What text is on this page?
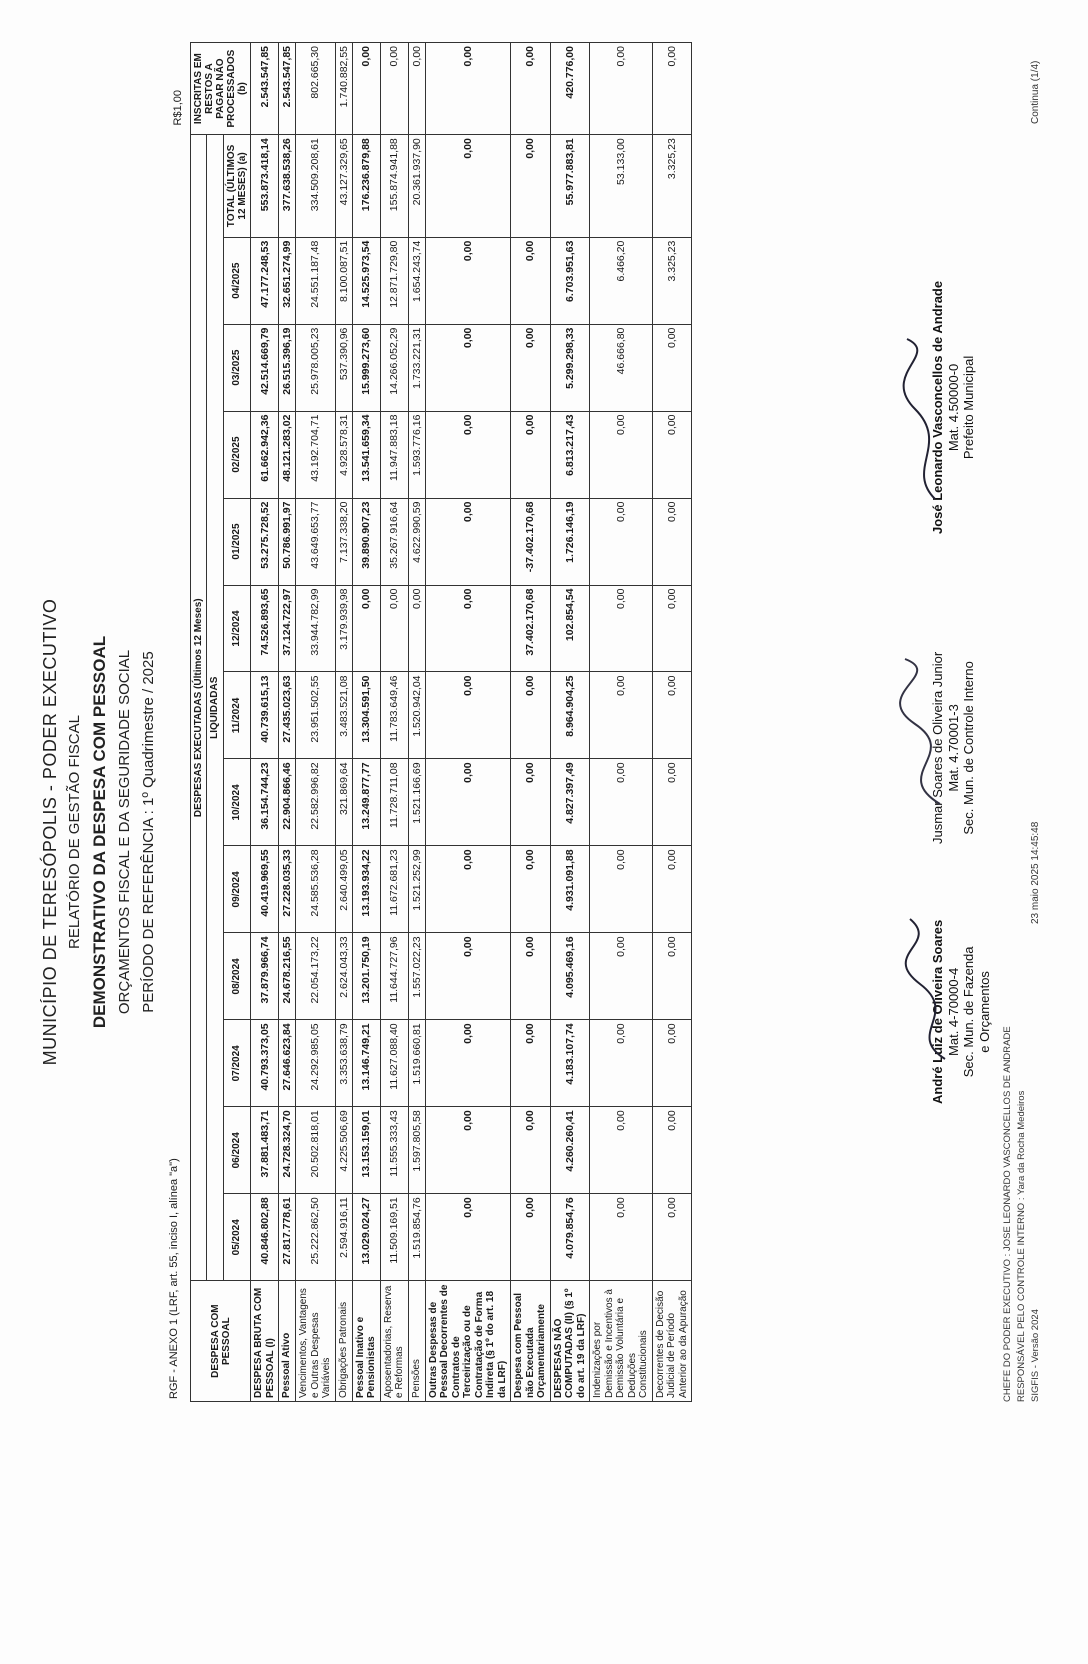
MUNICÍPIO DE TERESÓPOLIS - PODER EXECUTIVO RELATÓRIO DE GESTÃO FISCAL DEMONSTRATIVO DA DESPESA COM PESSOAL ORÇAMENTOS FISCAL E DA SEGURIDADE SOCIAL PERÍODO DE REFERÊNCIA : 1º Quadrimestre / 2025
RGF - ANEXO 1 (LRF, art. 55, inciso I, alínea "a")
R$1,00
DESPESA COM PESSOAL	DESPESAS EXECUTADAS (Últimos 12 Meses)													INSCRITAS EM RESTOS A PAGAR NÃO PROCESSADOS (b)
	LIQUIDADAS													
	05/2024	06/2024	07/2024	08/2024	09/2024	10/2024	11/2024	12/2024	01/2025	02/2025	03/2025	04/2025	TOTAL (ÚLTIMOS 12 MESES) (a)	
DESPESA BRUTA COM PESSOAL (I)	40.846.802,88	37.881.483,71	40.793.373,05	37.879.966,74	40.419.969,55	36.154.744,23	40.739.615,13	74.526.893,65	53.275.728,52	61.662.942,36	42.514.669,79	47.177.248,53	553.873.418,14	2.543.547,85
Pessoal Ativo	27.817.778,61	24.728.324,70	27.646.623,84	24.678.216,55	27.228.035,33	22.904.866,46	27.435.023,63	37.124.722,97	50.786.991,97	48.121.283,02	26.515.396,19	32.651.274,99	377.638.538,26	2.543.547,85
Vencimentos, Vantagens e Outras Despesas Variáveis	25.222.862,50	20.502.818,01	24.292.985,05	22.054.173,22	24.585.536,28	22.582.996,82	23.951.502,55	33.944.782,99	43.649.653,77	43.192.704,71	25.978.005,23	24.551.187,48	334.509.208,61	802.665,30
Obrigações Patronais	2.594.916,11	4.225.506,69	3.353.638,79	2.624.043,33	2.640.499,05	321.869,64	3.483.521,08	3.179.939,98	7.137.338,20	4.928.578,31	537.390,96	8.100.087,51	43.127.329,65	1.740.882,55
Pessoal Inativo e Pensionistas	13.029.024,27	13.153.159,01	13.146.749,21	13.201.750,19	13.193.934,22	13.249.877,77	13.304.591,50	0,00	39.890.907,23	13.541.659,34	15.999.273,60	14.525.973,54	176.236.879,88	0,00
Aposentadorias, Reserva e Reformas	11.509.169,51	11.555.333,43	11.627.088,40	11.644.727,96	11.672.681,23	11.728.711,08	11.783.649,46	0,00	35.267.916,64	11.947.883,18	14.266.052,29	12.871.729,80	155.874.941,88	0,00
Pensões	1.519.854,76	1.597.805,58	1.519.660,81	1.557.022,23	1.521.252,99	1.521.166,69	1.520.942,04	0,00	4.622.990,59	1.593.776,16	1.733.221,31	1.654.243,74	20.361.937,90	0,00
Outras Despesas de Pessoal Decorrentes de Contratos de Terceirização ou de Contratação de Forma Indireta (§ 1º do art. 18 da LRF)	0,00	0,00	0,00	0,00	0,00	0,00	0,00	0,00	0,00	0,00	0,00	0,00	0,00	0,00
Despesa com Pessoal não Executada Orçamentariamente	0,00	0,00	0,00	0,00	0,00	0,00	0,00	37.402.170,68	-37.402.170,68	0,00	0,00	0,00	0,00	0,00
DESPESAS NÃO COMPUTADAS (II) (§ 1º do art. 19 da LRF)	4.079.854,76	4.260.260,41	4.183.107,74	4.095.469,16	4.931.091,88	4.827.397,49	8.964.904,25	102.854,54	1.726.146,19	6.813.217,43	5.299.298,33	6.703.951,63	55.977.883,81	420.776,00
Indenizações por Demissão e Incentivos à Demissão Voluntária e Deduções Constitucionais	0,00	0,00	0,00	0,00	0,00	0,00	0,00	0,00	0,00	0,00	46.666,80	6.466,20	53.133,00	0,00
Decorrentes de Decisão Judicial de Período Anterior ao da Apuração	0,00	0,00	0,00	0,00	0,00	0,00	0,00	0,00	0,00	0,00	0,00	3.325,23	3.325,23	0,00
CHEFE DO PODER EXECUTIVO : JOSE LEONARDO VASCONCELLOS DE ANDRADE RESPONSÁVEL PELO CONTROLE INTERNO : Yara da Rocha Medeiros SIGFIS - Versão 2024
23 maio 2025 14:45:48
Continua (1/4)
André Luiz de Oliveira Soares Mat. 4-70000-4 Sec. Mun. de Fazenda e Orçamentos
Jusmar Soares de Oliveira Junior Mat. 4.70001-3 Sec. Mun. de Controle Interno
José Leonardo Vasconcellos de Andrade Mat. 4.50000-0 Prefeito Municipal
